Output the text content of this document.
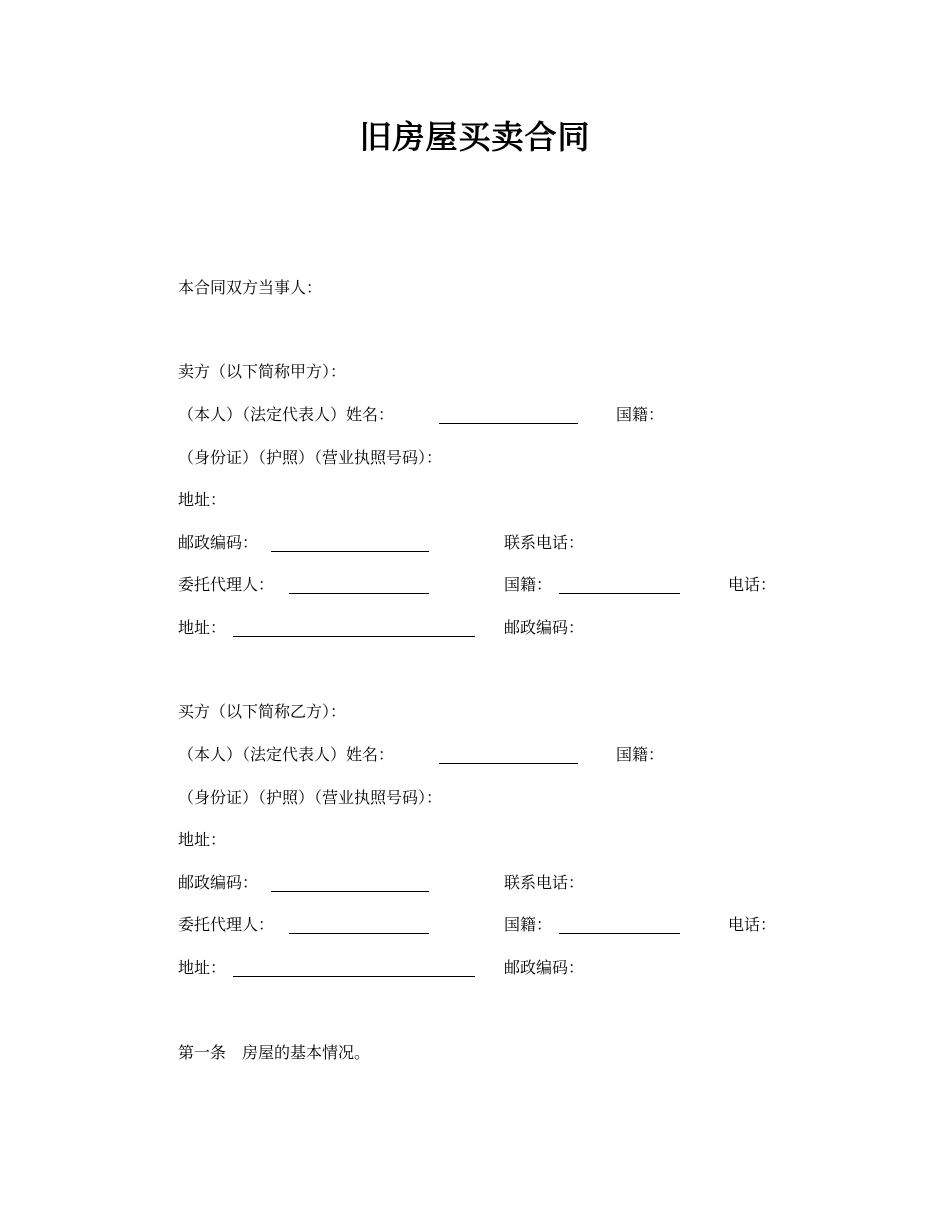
旧房屋买卖合同
本合同双方当事人：
卖方（以下简称甲方）：
（本人）（法定代表人）姓名：	国籍：
（身份证）（护照）（营业执照号码）：
地址：
邮政编码：	联系电话：
委托代理人：	国籍：	电话：
地址：	邮政编码：
买方（以下简称乙方）：
（本人）（法定代表人）姓名：	国籍：
（身份证）（护照）（营业执照号码）：
地址：
邮政编码：	联系电话：
委托代理人：	国籍：	电话：
地址：	邮政编码：
第一条　房屋的基本情况。
